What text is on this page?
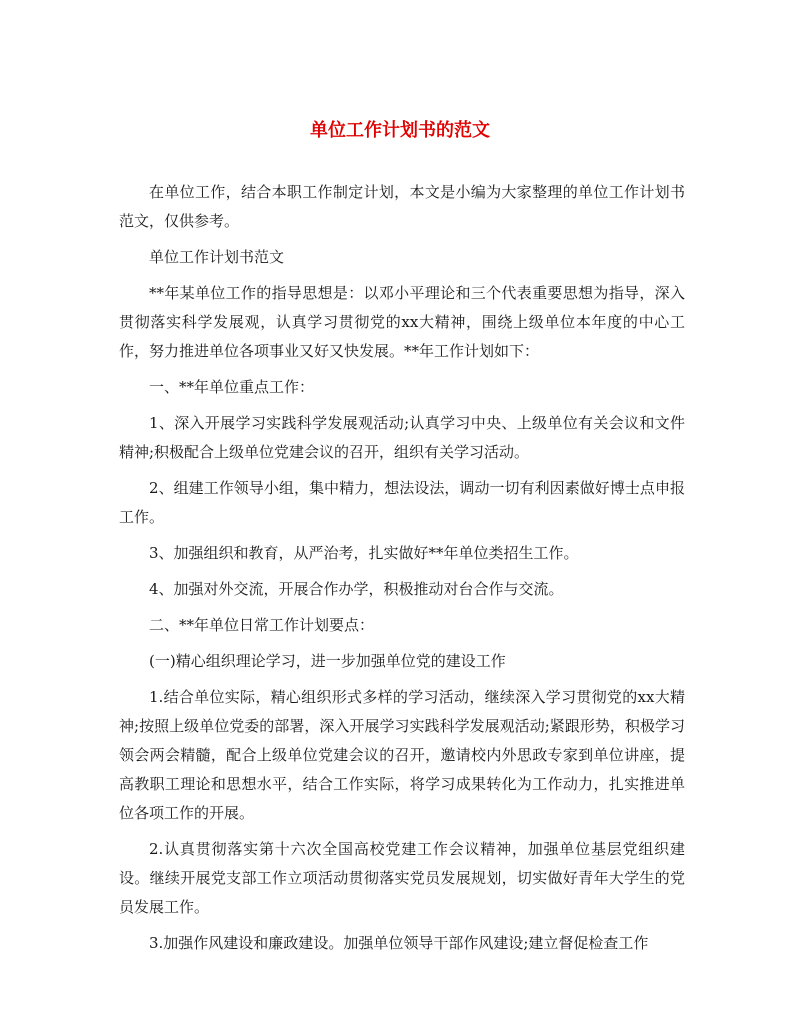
单位工作计划书的范文

在单位工作，结合本职工作制定计划，本文是小编为大家整理的单位工作计划书范文，仅供参考。

单位工作计划书范文

**年某单位工作的指导思想是：以邓小平理论和三个代表重要思想为指导，深入贯彻落实科学发展观，认真学习贯彻党的xx大精神，围绕上级单位本年度的中心工作，努力推进单位各项事业又好又快发展。**年工作计划如下：

一、**年单位重点工作：

1、深入开展学习实践科学发展观活动;认真学习中央、上级单位有关会议和文件精神;积极配合上级单位党建会议的召开，组织有关学习活动。

2、组建工作领导小组，集中精力，想法设法，调动一切有利因素做好博士点申报工作。

3、加强组织和教育，从严治考，扎实做好**年单位类招生工作。

4、加强对外交流，开展合作办学，积极推动对台合作与交流。

二、**年单位日常工作计划要点：

(一)精心组织理论学习，进一步加强单位党的建设工作

1.结合单位实际，精心组织形式多样的学习活动，继续深入学习贯彻党的xx大精神;按照上级单位党委的部署，深入开展学习实践科学发展观活动;紧跟形势，积极学习领会两会精髓，配合上级单位党建会议的召开，邀请校内外思政专家到单位讲座，提高教职工理论和思想水平，结合工作实际，将学习成果转化为工作动力，扎实推进单位各项工作的开展。

2.认真贯彻落实第十六次全国高校党建工作会议精神，加强单位基层党组织建设。继续开展党支部工作立项活动贯彻落实党员发展规划，切实做好青年大学生的党员发展工作。

3.加强作风建设和廉政建设。加强单位领导干部作风建设;建立督促检查工作
